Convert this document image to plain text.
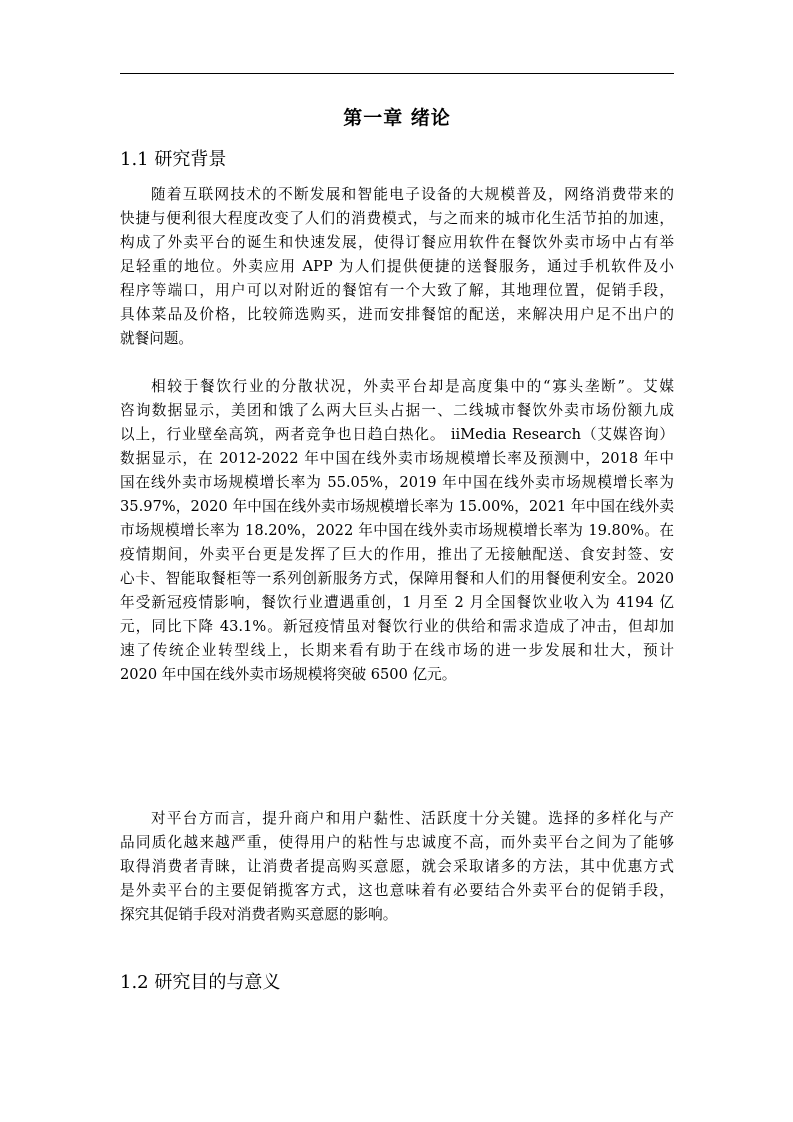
第一章 绪论
1.1 研究背景
随着互联网技术的不断发展和智能电子设备的大规模普及，网络消费带来的
快捷与便利很大程度改变了人们的消费模式，与之而来的城市化生活节拍的加速，
构成了外卖平台的诞生和快速发展，使得订餐应用软件在餐饮外卖市场中占有举
足轻重的地位。外卖应用 APP 为人们提供便捷的送餐服务，通过手机软件及小
程序等端口，用户可以对附近的餐馆有一个大致了解，其地理位置，促销手段，
具体菜品及价格，比较筛选购买，进而安排餐馆的配送，来解决用户足不出户的
就餐问题。
相较于餐饮行业的分散状况，外卖平台却是高度集中的“寡头垄断”。艾媒
咨询数据显示，美团和饿了么两大巨头占据一、二线城市餐饮外卖市场份额九成
以上，行业壁垒高筑，两者竞争也日趋白热化。 iiMedia Research（艾媒咨询）
数据显示，在 2012-2022 年中国在线外卖市场规模增长率及预测中，2018 年中
国在线外卖市场规模增长率为 55.05%，2019 年中国在线外卖市场规模增长率为
35.97%，2020 年中国在线外卖市场规模增长率为 15.00%，2021 年中国在线外卖
市场规模增长率为 18.20%，2022 年中国在线外卖市场规模增长率为 19.80%。在
疫情期间，外卖平台更是发挥了巨大的作用，推出了无接触配送、食安封签、安
心卡、智能取餐柜等一系列创新服务方式，保障用餐和人们的用餐便利安全。2020
年受新冠疫情影响，餐饮行业遭遇重创，1 月至 2 月全国餐饮业收入为 4194 亿
元，同比下降 43.1%。新冠疫情虽对餐饮行业的供给和需求造成了冲击，但却加
速了传统企业转型线上，长期来看有助于在线市场的进一步发展和壮大，预计
2020 年中国在线外卖市场规模将突破 6500 亿元。
对平台方而言，提升商户和用户黏性、活跃度十分关键。选择的多样化与产
品同质化越来越严重，使得用户的粘性与忠诚度不高，而外卖平台之间为了能够
取得消费者青睐，让消费者提高购买意愿，就会采取诸多的方法，其中优惠方式
是外卖平台的主要促销揽客方式，这也意味着有必要结合外卖平台的促销手段，
探究其促销手段对消费者购买意愿的影响。
1.2 研究目的与意义
